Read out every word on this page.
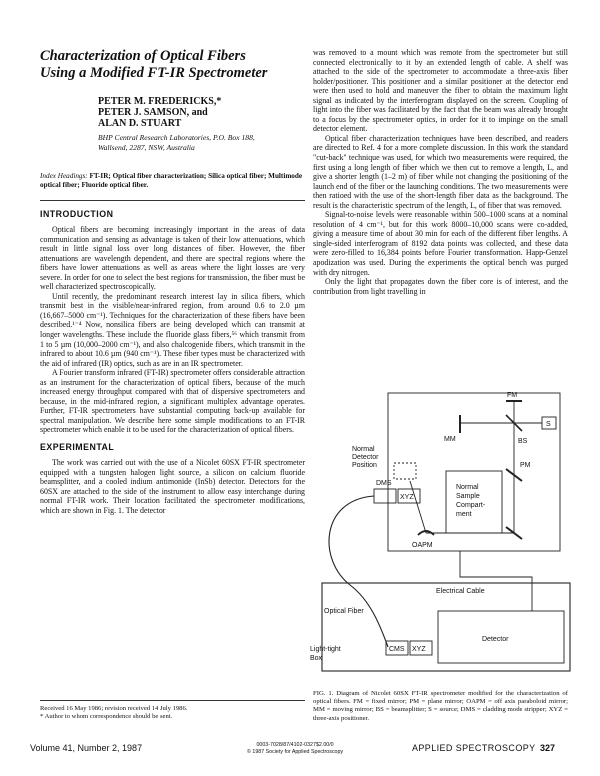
Characterization of Optical Fibers
Using a Modified FT-IR Spectrometer
PETER M. FREDERICKS,*
PETER J. SAMSON, and
ALAN D. STUART
BHP Central Research Laboratories, P.O. Box 188,
Wallsend, 2287, NSW, Australia
Index Headings: FT-IR; Optical fiber characterization; Silica optical fiber; Multimode optical fiber; Fluoride optical fiber.
INTRODUCTION

Optical fibers are becoming increasingly important in the areas of data communication and sensing as advantage is taken of their low attenuations, which result in little signal loss over long distances of fiber. However, the fiber attenuations are wavelength dependent, and there are spectral regions where the fibers have lower attenuations as well as areas where the light losses are very severe. In order for one to select the best regions for transmission, the fiber must be well characterized spectroscopically.

Until recently, the predominant research interest lay in silica fibers, which transmit best in the visible/near-infrared region, from around 0.6 to 2.0 µm (16,667–5000 cm⁻¹). Techniques for the characterization of these fibers have been described.¹⁻⁴ Now, nonsilica fibers are being developed which can transmit at longer wavelengths. These include the fluoride glass fibers,⁵⁶ which transmit from 1 to 5 µm (10,000–2000 cm⁻¹), and also chalcogenide fibers, which transmit in the infrared to about 10.6 µm (940 cm⁻¹). These fiber types must be characterized with the aid of infrared (IR) optics, such as are in an IR spectrometer.

A Fourier transform infrared (FT-IR) spectrometer offers considerable attraction as an instrument for the characterization of optical fibers, because of the much increased energy throughput compared with that of dispersive spectrometers and because, in the mid-infrared region, a significant multiplex advantage operates. Further, FT-IR spectrometers have substantial computing back-up available for spectral manipulation. We describe here some simple modifications to an FT-IR spectrometer which enable it to be used for the characterization of optical fibers.

EXPERIMENTAL

The work was carried out with the use of a Nicolet 60SX FT-IR spectrometer equipped with a tungsten halogen light source, a silicon on calcium fluoride beamsplitter, and a cooled indium antimonide (InSb) detector. Detectors for the 60SX are attached to the side of the instrument to allow easy interchange during normal FT-IR work. Their location facilitated the spectrometer modifications, which are shown in Fig. 1. The detector

Received 16 May 1986; revision received 14 July 1986.
* Author to whom correspondence should be sent.

was removed to a mount which was remote from the spectrometer but still connected electronically to it by an extended length of cable. A shelf was attached to the side of the spectrometer to accommodate a three-axis fiber holder/positioner. This positioner and a similar positioner at the detector end were then used to hold and maneuver the fiber to obtain the maximum light signal as indicated by the interferogram displayed on the screen. Coupling of light into the fiber was facilitated by the fact that the beam was already brought to a focus by the spectrometer optics, in order for it to impinge on the small detector element.

Optical fiber characterization techniques have been described, and readers are directed to Ref. 4 for a more complete discussion. In this work the standard "cut-back" technique was used, for which two measurements were required, the first using a long length of fiber which we then cut to remove a length, L, and give a shorter length (1–2 m) of fiber while not changing the positioning of the launch end of the fiber or the launching conditions. The two measurements were then ratioed with the use of the short-length fiber data as the background. The result is the characteristic spectrum of the length, L, of fiber that was removed.

Signal-to-noise levels were reasonable within 500–1000 scans at a nominal resolution of 4 cm⁻¹, but for this work 8000–10,000 scans were co-added, giving a measure time of about 30 min for each of the different fiber lengths. A single-sided interferogram of 8192 data points was collected, and these data were zero-filled to 16,384 points before Fourier transformation. Happ-Genzel apodization was used. During the experiments the optical bench was purged with dry nitrogen.

Only the light that propagates down the fiber core is of interest, and the contribution from light travelling in

FM
MM	BS
S
Normal
Detector
Position
Normal
Sample
Compart-
ment
PM
DMS
XYZ
OAPM
Electrical Cable
Optical Fiber
Light-tight
Box
CMS XYZ
Detector
FIG. 1. Diagram of Nicolet 60SX FT-IR spectrometer modified for the characterization of optical fibers. FM = fixed mirror; PM = plane mirror; OAPM = off axis paraboloid mirror; MM = moving mirror; BS = beamsplitter; S = source; DMS = cladding mode stripper; XYZ = three-axis positioner.
Volume 41, Number 2, 1987	0003-7028/87/4102-0327$2.00/0
© 1987 Society for Applied Spectroscopy	APPLIED SPECTROSCOPY 327
